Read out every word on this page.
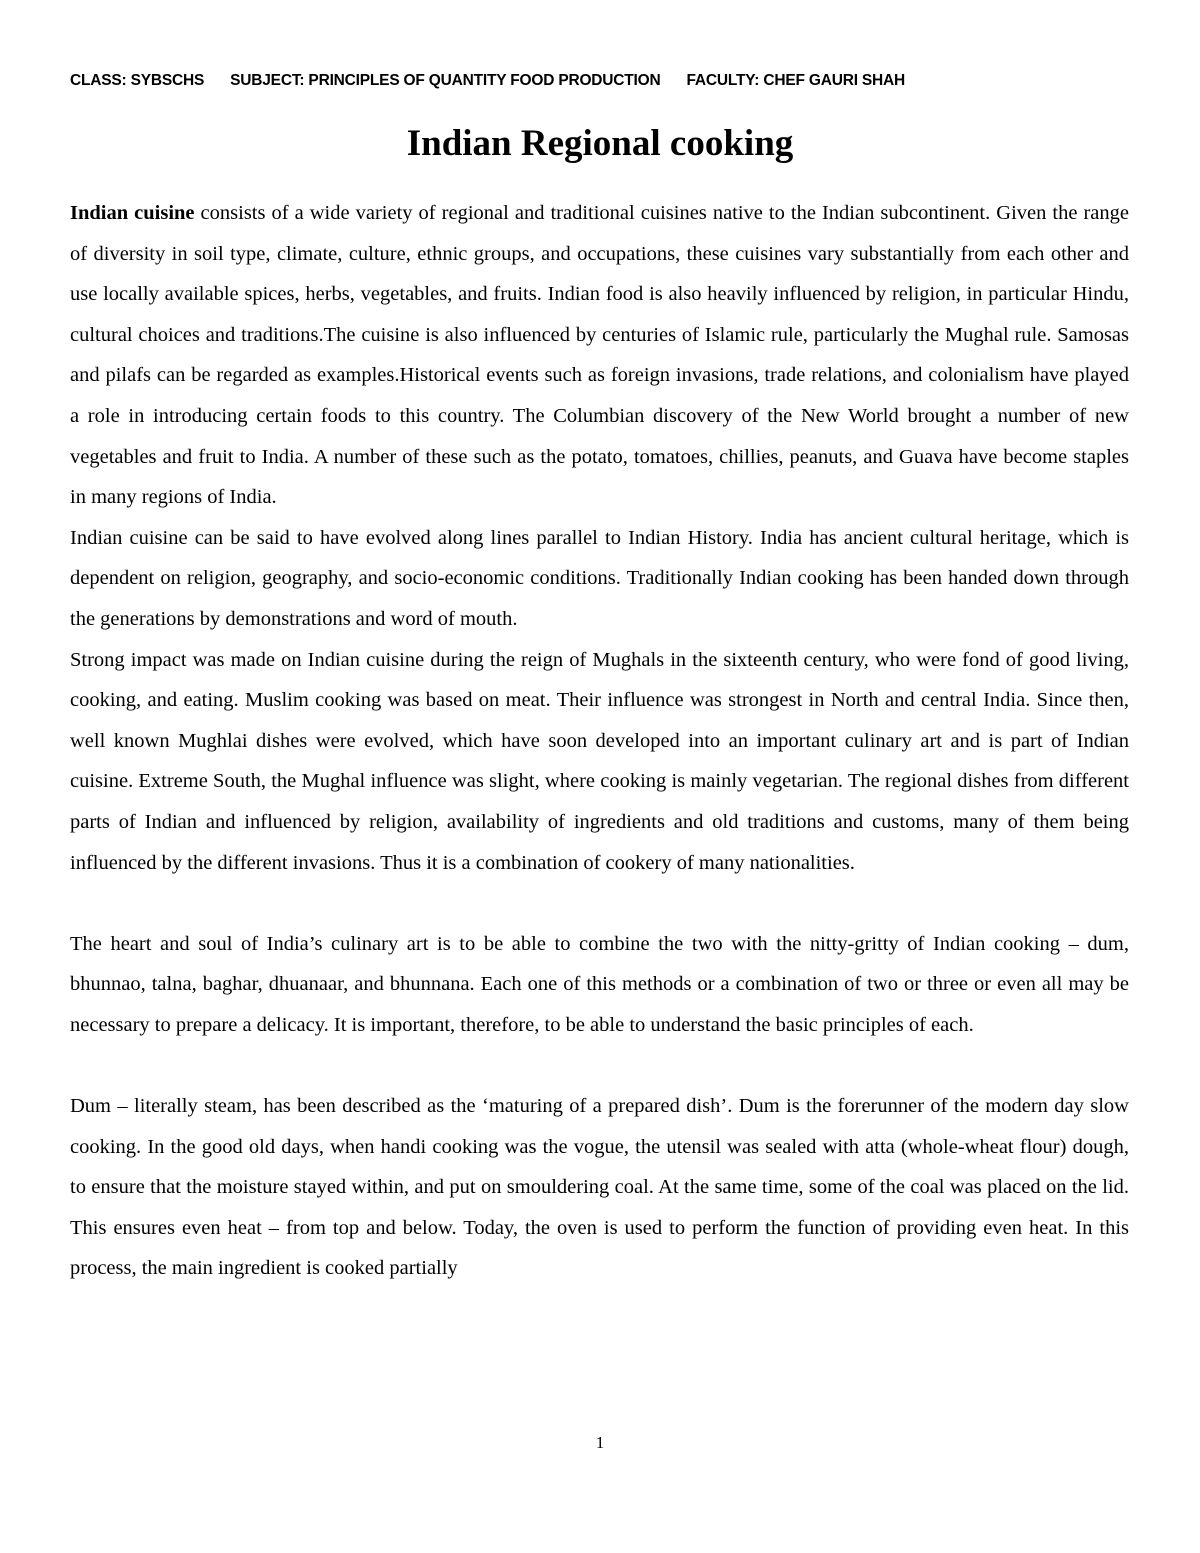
CLASS: SYBSCHS SUBJECT: PRINCIPLES OF QUANTITY FOOD PRODUCTION FACULTY: CHEF GAURI SHAH
Indian Regional cooking

Indian cuisine consists of a wide variety of regional and traditional cuisines native to the Indian subcontinent. Given the range of diversity in soil type, climate, culture, ethnic groups, and occupations, these cuisines vary substantially from each other and use locally available spices, herbs, vegetables, and fruits. Indian food is also heavily influenced by religion, in particular Hindu, cultural choices and traditions.The cuisine is also influenced by centuries of Islamic rule, particularly the Mughal rule. Samosas and pilafs can be regarded as examples.Historical events such as foreign invasions, trade relations, and colonialism have played a role in introducing certain foods to this country. The Columbian discovery of the New World brought a number of new vegetables and fruit to India. A number of these such as the potato, tomatoes, chillies, peanuts, and Guava have become staples in many regions of India.

Indian cuisine can be said to have evolved along lines parallel to Indian History. India has ancient cultural heritage, which is dependent on religion, geography, and socio-economic conditions. Traditionally Indian cooking has been handed down through the generations by demonstrations and word of mouth.

Strong impact was made on Indian cuisine during the reign of Mughals in the sixteenth century, who were fond of good living, cooking, and eating. Muslim cooking was based on meat. Their influence was strongest in North and central India. Since then, well known Mughlai dishes were evolved, which have soon developed into an important culinary art and is part of Indian cuisine. Extreme South, the Mughal influence was slight, where cooking is mainly vegetarian. The regional dishes from different parts of Indian and influenced by religion, availability of ingredients and old traditions and customs, many of them being influenced by the different invasions. Thus it is a combination of cookery of many nationalities.

The heart and soul of India’s culinary art is to be able to combine the two with the nitty-gritty of Indian cooking – dum, bhunnao, talna, baghar, dhuanaar, and bhunnana. Each one of this methods or a combination of two or three or even all may be necessary to prepare a delicacy. It is important, therefore, to be able to understand the basic principles of each.

Dum – literally steam, has been described as the ‘maturing of a prepared dish’. Dum is the forerunner of the modern day slow cooking. In the good old days, when handi cooking was the vogue, the utensil was sealed with atta (whole-wheat flour) dough, to ensure that the moisture stayed within, and put on smouldering coal. At the same time, some of the coal was placed on the lid. This ensures even heat – from top and below. Today, the oven is used to perform the function of providing even heat. In this process, the main ingredient is cooked partially

1
